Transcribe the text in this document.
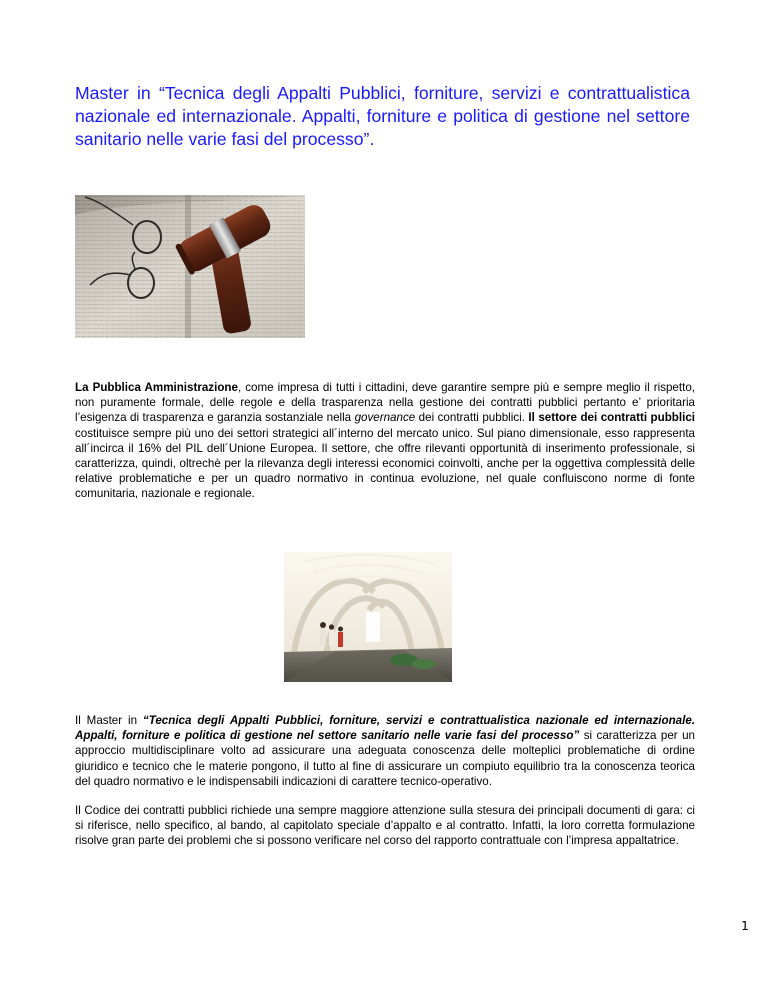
Master in “Tecnica degli Appalti Pubblici, forniture, servizi e contrattualistica nazionale ed internazionale. Appalti, forniture e politica di gestione nel settore sanitario nelle varie fasi del processo”.
La Pubblica Amministrazione, come impresa di tutti i cittadini, deve garantire sempre più e sempre meglio il rispetto, non puramente formale, delle regole e della trasparenza nella gestione dei contratti pubblici pertanto e’ prioritaria l’esigenza di trasparenza e garanzia sostanziale nella governance dei contratti pubblici. Il settore dei contratti pubblici costituisce sempre più uno dei settori strategici all´interno del mercato unico. Sul piano dimensionale, esso rappresenta all´incirca il 16% del PIL dell´Unione Europea. Il settore, che offre rilevanti opportunità di inserimento professionale, si caratterizza, quindi, oltrechè per la rilevanza degli interessi economici coinvolti, anche per la oggettiva complessità delle relative problematiche e per un quadro normativo in continua evoluzione, nel quale confluiscono norme di fonte comunitaria, nazionale e regionale.
Il Master in “Tecnica degli Appalti Pubblici, forniture, servizi e contrattualistica nazionale ed internazionale. Appalti, forniture e politica di gestione nel settore sanitario nelle varie fasi del processo” si caratterizza per un approccio multidisciplinare volto ad assicurare una adeguata conoscenza delle molteplici problematiche di ordine giuridico e tecnico che le materie pongono, il tutto al fine di assicurare un compiuto equilibrio tra la conoscenza teorica del quadro normativo e le indispensabili indicazioni di carattere tecnico-operativo.
Il Codice dei contratti pubblici richiede una sempre maggiore attenzione sulla stesura dei principali documenti di gara: ci si riferisce, nello specifico, al bando, al capitolato speciale d’appalto e al contratto. Infatti, la loro corretta formulazione risolve gran parte dei problemi che si possono verificare nel corso del rapporto contrattuale con l’impresa appaltatrice.
1
